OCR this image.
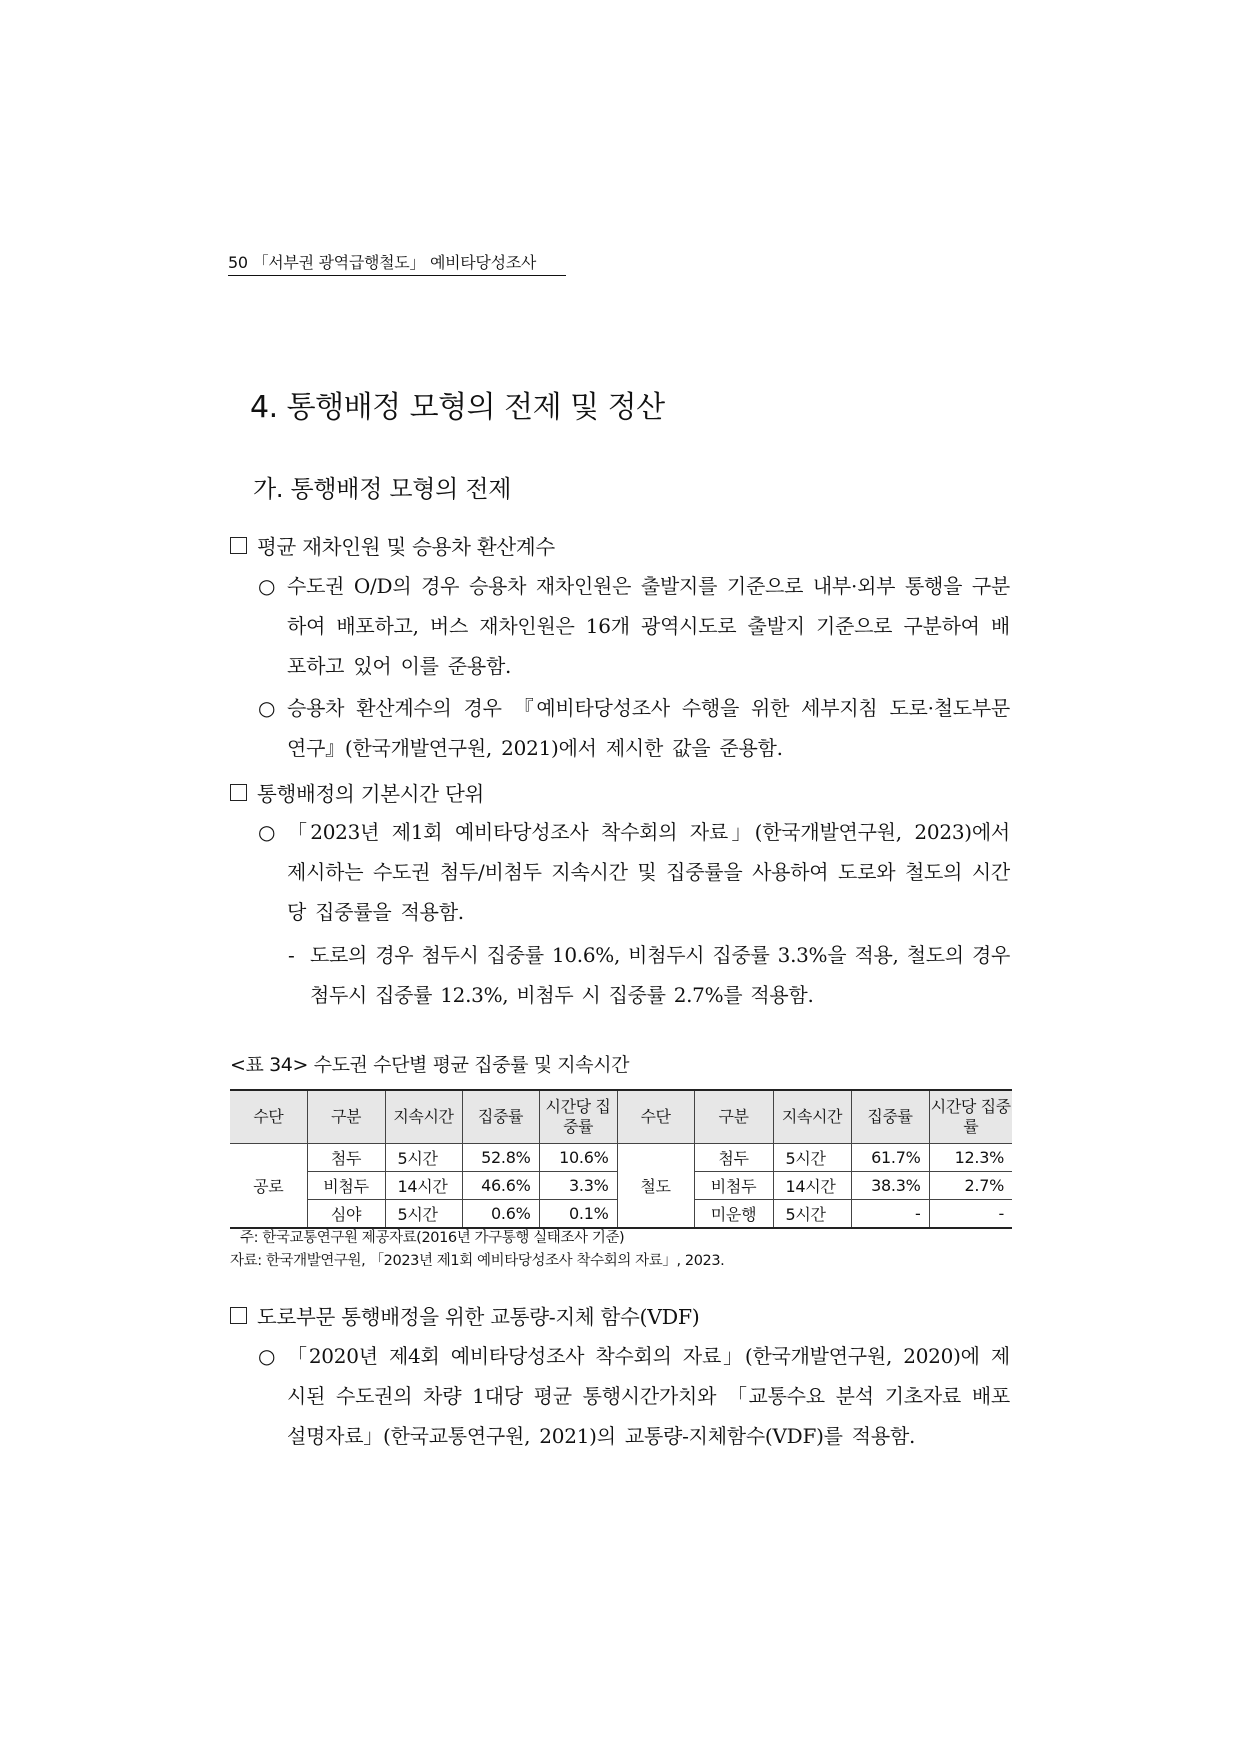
50 「서부권 광역급행철도」 예비타당성조사
4. 통행배정 모형의 전제 및 정산
가. 통행배정 모형의 전제
평균 재차인원 및 승용차 환산계수
○ 수도권 O/D의 경우 승용차 재차인원은 출발지를 기준으로 내부·외부 통행을 구분하여 배포하고, 버스 재차인원은 16개 광역시도로 출발지 기준으로 구분하여 배포하고 있어 이를 준용함.
○ 승용차 환산계수의 경우 『예비타당성조사 수행을 위한 세부지침 도로·철도부문 연구』(한국개발연구원, 2021)에서 제시한 값을 준용함.
통행배정의 기본시간 단위
○ 「2023년 제1회 예비타당성조사 착수회의 자료」(한국개발연구원, 2023)에서 제시하는 수도권 첨두/비첨두 지속시간 및 집중률을 사용하여 도로와 철도의 시간당 집중률을 적용함.
- 도로의 경우 첨두시 집중률 10.6%, 비첨두시 집중률 3.3%을 적용, 철도의 경우 첨두시 집중률 12.3%, 비첨두 시 집중률 2.7%를 적용함.
<표 34> 수도권 수단별 평균 집중률 및 지속시간
수단	구분	지속시간	집중률	시간당 집중률	수단	구분	지속시간	집중률	시간당 집중률
공로	첨두	5시간	52.8%	10.6%	철도	첨두	5시간	61.7%	12.3%
	비첨두	14시간	46.6%	3.3%		비첨두	14시간	38.3%	2.7%
	심야	5시간	0.6%	0.1%		미운행	5시간	-	-
주: 한국교통연구원 제공자료(2016년 가구통행 실태조사 기준)
자료: 한국개발연구원, 「2023년 제1회 예비타당성조사 착수회의 자료」, 2023.
도로부문 통행배정을 위한 교통량-지체 함수(VDF)
○ 「2020년 제4회 예비타당성조사 착수회의 자료」(한국개발연구원, 2020)에 제시된 수도권의 차량 1대당 평균 통행시간가치와 「교통수요 분석 기초자료 배포 설명자료」(한국교통연구원, 2021)의 교통량-지체함수(VDF)를 적용함.
